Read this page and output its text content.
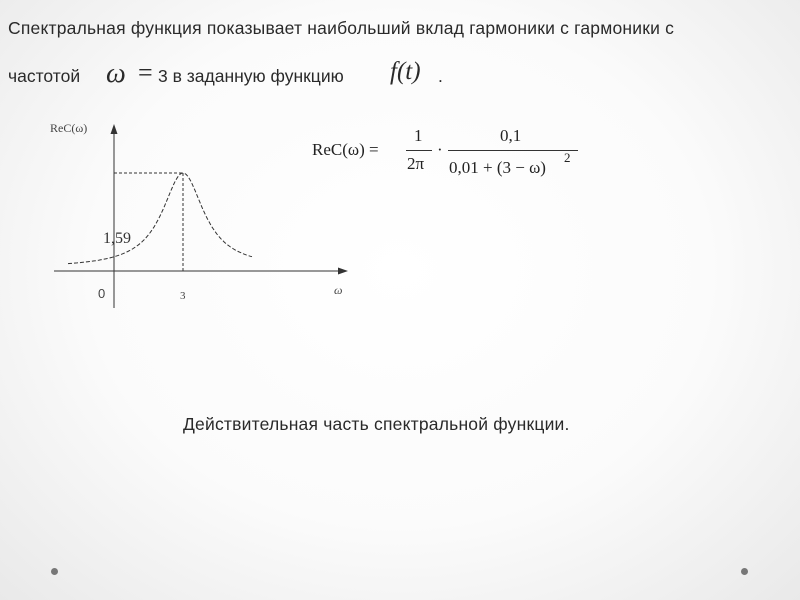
Спектральная функция показывает наибольший вклад гармоники с гармоники с
частотой ω = 3 в заданную функцию f(t) .
ReC(ω)
ω
0	3
1,59
ReC(ω) =
1
2π
·
0,1
0,01 + (3 − ω)
2
Действительная часть спектральной функции.
